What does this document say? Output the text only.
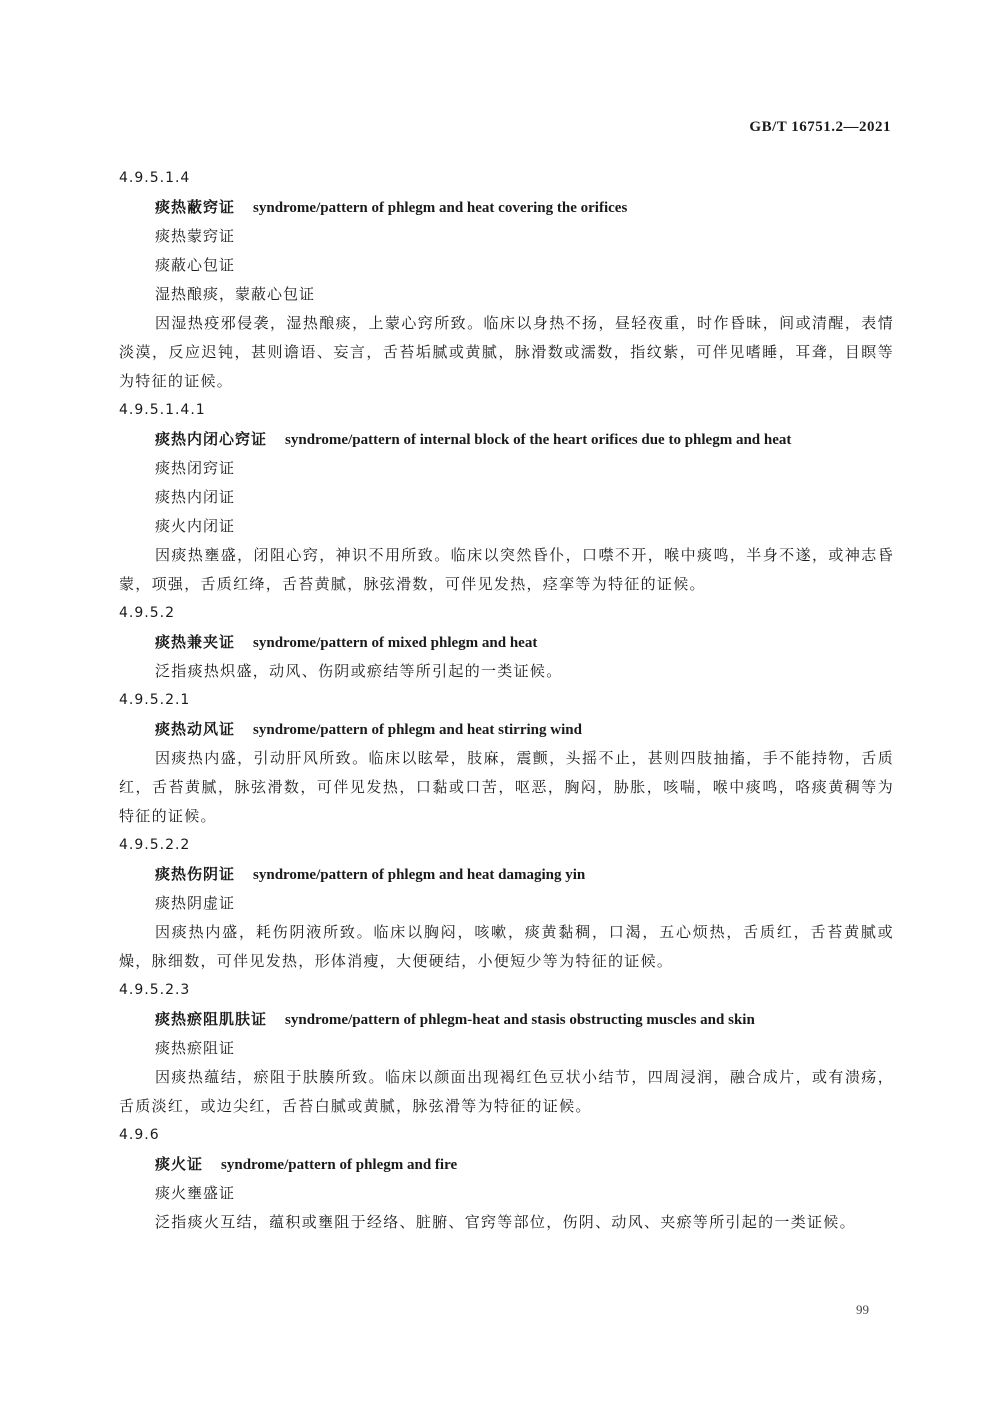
GB/T 16751.2—2021
4.9.5.1.4
痰热蔽窍证 syndrome/pattern of phlegm and heat covering the orifices
痰热蒙窍证
痰蔽心包证
湿热酿痰，蒙蔽心包证
因湿热疫邪侵袭，湿热酿痰，上蒙心窍所致。临床以身热不扬，昼轻夜重，时作昏昧，间或清醒，表情淡漠，反应迟钝，甚则谵语、妄言，舌苔垢腻或黄腻，脉滑数或濡数，指纹紫，可伴见嗜睡，耳聋，目瞑等为特征的证候。
4.9.5.1.4.1
痰热内闭心窍证 syndrome/pattern of internal block of the heart orifices due to phlegm and heat
痰热闭窍证
痰热内闭证
痰火内闭证
因痰热壅盛，闭阻心窍，神识不用所致。临床以突然昏仆，口噤不开，喉中痰鸣，半身不遂，或神志昏蒙，项强，舌质红绛，舌苔黄腻，脉弦滑数，可伴见发热，痉挛等为特征的证候。
4.9.5.2
痰热兼夹证 syndrome/pattern of mixed phlegm and heat
泛指痰热炽盛，动风、伤阴或瘀结等所引起的一类证候。
4.9.5.2.1
痰热动风证 syndrome/pattern of phlegm and heat stirring wind
因痰热内盛，引动肝风所致。临床以眩晕，肢麻，震颤，头摇不止，甚则四肢抽搐，手不能持物，舌质红，舌苔黄腻，脉弦滑数，可伴见发热，口黏或口苦，呕恶，胸闷，胁胀，咳喘，喉中痰鸣，咯痰黄稠等为特征的证候。
4.9.5.2.2
痰热伤阴证 syndrome/pattern of phlegm and heat damaging yin
痰热阴虚证
因痰热内盛，耗伤阴液所致。临床以胸闷，咳嗽，痰黄黏稠，口渴，五心烦热，舌质红，舌苔黄腻或燥，脉细数，可伴见发热，形体消瘦，大便硬结，小便短少等为特征的证候。
4.9.5.2.3
痰热瘀阻肌肤证 syndrome/pattern of phlegm-heat and stasis obstructing muscles and skin
痰热瘀阻证
因痰热蕴结，瘀阻于肤腠所致。临床以颜面出现褐红色豆状小结节，四周浸润，融合成片，或有溃疡，舌质淡红，或边尖红，舌苔白腻或黄腻，脉弦滑等为特征的证候。
4.9.6
痰火证 syndrome/pattern of phlegm and fire
痰火壅盛证
泛指痰火互结，蕴积或壅阻于经络、脏腑、官窍等部位，伤阴、动风、夹瘀等所引起的一类证候。
99
